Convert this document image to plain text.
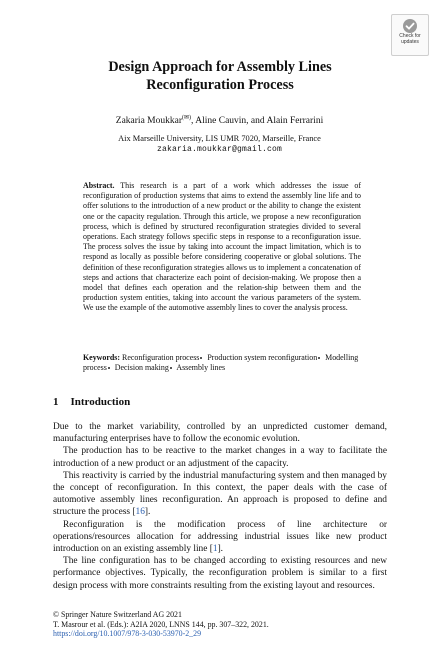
Check for
updates
Design Approach for Assembly Lines
Reconfiguration Process
Zakaria Moukkar(✉), Aline Cauvin, and Alain Ferrarini
Aix Marseille University, LIS UMR 7020, Marseille, France
zakaria.moukkar@gmail.com

Abstract. This research is a part of a work which addresses the issue of reconfiguration of production systems that aims to extend the assembly line life and to offer solutions to the introduction of a new product or the ability to change the existent one or the capacity regulation. Through this article, we propose a new reconfiguration process, which is defined by structured reconfiguration strategies divided to several operations. Each strategy follows specific steps in response to a reconfiguration issue. The process solves the issue by taking into account the impact limitation, which is to respond as locally as possible before considering cooperative or global solutions. The definition of these reconfiguration strategies allows us to implement a concatenation of steps and actions that characterize each point of decision-making. We propose then a model that defines each operation and the relation-ship between them and the production system entities, taking into account the various parameters of the system. We use the example of the automotive assembly lines to cover the analysis process.

Keywords: Reconfiguration process Production system reconfiguration Modelling process Decision making Assembly lines

1 Introduction

Due to the market variability, controlled by an unpredicted customer demand, manufacturing enterprises have to follow the economic evolution.

The production has to be reactive to the market changes in a way to facilitate the introduction of a new product or an adjustment of the capacity.

This reactivity is carried by the industrial manufacturing system and then managed by the concept of reconfiguration. In this context, the paper deals with the case of automotive assembly lines reconfiguration. An approach is proposed to define and structure the process [16].

Reconfiguration is the modification process of line architecture or operations/resources allocation for addressing industrial issues like new product introduction on an existing assembly line [1].

The line configuration has to be changed according to existing resources and new performance objectives. Typically, the reconfiguration problem is similar to a first design process with more constraints resulting from the existing layout and resources.

© Springer Nature Switzerland AG 2021
T. Masrour et al. (Eds.): A2IA 2020, LNNS 144, pp. 307–322, 2021.
https://doi.org/10.1007/978-3-030-53970-2_29
